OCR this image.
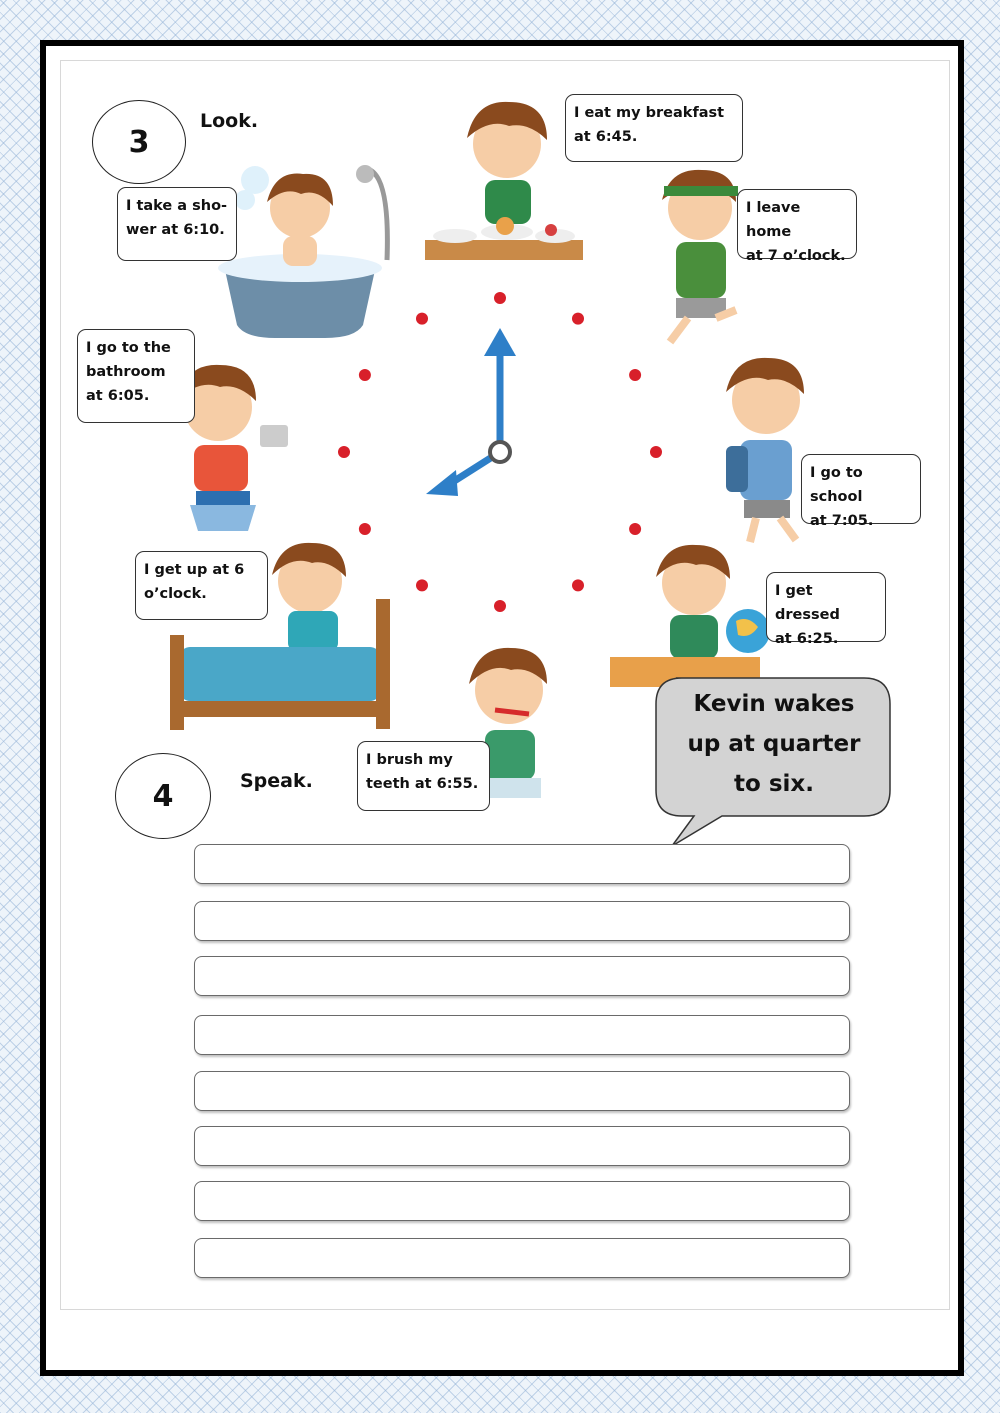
3
Look.
I take a sho-
wer at 6:10.
I eat my breakfast
at 6:45.
I leave home
at 7 o’clock.
I go to the
bathroom
at 6:05.
I go to school
at 7:05.
I get up at 6
o’clock.	I get dressed
at 6:25.
I brush my
teeth at 6:55.
4	Speak.
Kevin wakes
up at quarter
to six.
